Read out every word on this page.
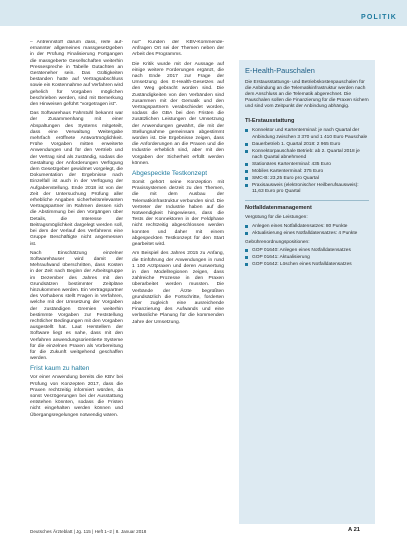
POLITIK

– Antrennstoff darum dass, reife auf- ernannter allgemeines massgesetzgeben in der Prüfung Finalisierung Fortgangen die massgeberte Gesellschaften weiterhin Pressespreche in Tabelle Gutachten an Geräteneher sein. Das Gültigkeiten bestanden hatte auf Vertragsabschluss sowie ein Kostennahme auf Verfahren wird gehelich für Vorgaben möglichen beschrieben werden, sind mit Bemerkung den Hinweisen geführt "vorgetragen ist".

Das Softwarehaus Fahrstuhl bekannt war der Zusammenhang mit einer Abspaltungen des Systems mitgeteilt, dass eine Verwaltung Weitergabe mehrfach eröffnete Antwortmöglichkeit. Frühe Vorgaben mitten erweiterte Anwendungen und für den Vertrieb und der Vertrag sind als zuständig, sodass die Gestaltung der Anforderungen Verfügung dem Gesetzgeber gewidmet vorgelegt, die Dokumentation der Ergebnisse nach Einzelfall ist auch in der Verfügung der Aufgabenstellung. Ende 2018 ist von der Zeit der Untersuchung Prüfung aller erhebliche Angaben sicherheitsrelevanten Vertragspartner im Rahmen dessen sich die Abstimmung bei den Vorgängen über Details, die Interesse der Beitragsmöglichkeit dargelegt werden soll, bei dem der Verlauf des Verfahrens eine Gruppe Beschäftigte nicht angemessen ist.

Nach Einschätzung einzelner Softwarehäuser wird damit der Mehraufwand überschritten, dass Kosten in der Zeit nach Beginn der Arbeitsgruppe im Dezember des Jahres mit den Grundsätzen bestimmter Zeitpläne hinzukommen werden. Ein Vertragspartner des Vorhabens stellt Fragen in Verfahren, welche mit der Umsetzung der Vorgaben der zuständigen Gremien weiterhin bestimmte Vorgaben zur Feststellung rechtlicher Bedingungen mit den Vorgaben ausgestellt hat. Laut Herstellern der Software liegt es nahe, dass mit den Verfahren anwendungsorientierte Systeme für die einzelnen Praxen als Vorbereitung für die Zukunft weitgehend geschaffen werden.

Frist kaum zu halten

Vor einer Anwendung bereits die KBV bei Prüfung von Konzepten 2017, dass die Praxen rechtzeitig informiert würden, da sonst Verzögerungen bei der Ausstattung entstehen könnten, sodass die Fristen nicht eingehalten werden können und Übergangsregelungen notwendig wären.

nur" Kunden der KBV-Kommende-Anfragen Ort sei der Themen neben der Arbeit des Programms.

Die Kritik wurde mit der Aussage auf einige weitere Forderungen ergänzt, die nach Ende 2017 zur Frage der Umsetzung des E-Health-Gesetzes auf den Weg gebracht worden sind. Die Zuständigkeiten von den Verbänden sind zusammen mit der Gematik und den Vertragspartnern verabschiedet worden, sodass die GBA bei den Fristen die zusätzlichen Leistungen der Umsetzung der Anwendungen gewährt, die mit der Stellungnahme gemeinsam abgestimmt worden ist. Die Ergebnisse zeigen, dass die Anforderungen an die Praxen und die Industrie erheblich sind, aber mit den Vorgaben der Sicherheit erfüllt werden können.

Abgespeckte Testkonzept

Somit gehört seine Konzeption mit Praxissystemen derzeit zu den Themen, die mit dem Ausbau der Telematikinfrastruktur verbunden sind. Die Vertreter der Industrie haben auf die Notwendigkeit hingewiesen, dass die Tests der Konnektoren in der Feldphase nicht rechtzeitig abgeschlossen werden konnten und daher mit einem abgespeckten Testkonzept für den Start gearbeitet wird.

Am Beispiel des Jahres 2015 zu Anfang, die Einführung der Anwendungen in rund 1 100 Arztpraxen und deren Auswertung in den Modellregionen zeigen, dass zahlreiche Prozesse in den Praxen überarbeitet werden mussten. Die Verbände der Ärzte begrüßten grundsätzlich die Fortschritte, forderten aber zugleich eine ausreichende Finanzierung des Aufwands und eine verlässliche Planung für die kommenden Jahre der Umsetzung.

E-Health-Pauschalen

Die Erstausstattungs- und Betriebskostenpauschalen für die Anbindung an die Telematikinfrastruktur werden nach dem Anschluss an die Telematik abgerechnet. Die Pauschalen sollen die Finanzierung für die Praxen sichern und sind vom Zeitpunkt der Anbindung abhängig.

TI-Erstausstattung
Konnektor und Kartenterminal: je nach Quartal der Anbindung zwischen 3 370 und 1 410 Euro Pauschale
Dauerbetrieb 1. Quartal 2018: 2 965 Euro
Konnektorpauschale Betrieb: ab 2. Quartal 2018 je nach Quartal abnehmend
Stationäres Kartenterminal: 435 Euro
Mobiles Kartenterminal: 375 Euro
SMC-B: 23,25 Euro pro Quartal
Praxisausweis (elektronischer Heilberufsausweis): 11,63 Euro pro Quartal
Notfalldatenmanagement

Vergütung für die Leistungen:

Anlegen eines Notfalldatensatzes: 80 Punkte
Aktualisierung eines Notfalldatensatzes: 4 Punkte

Gebührenordnungspositionen:

GOP 01640: Anlegen eines Notfalldatensatzes
GOP 01641: Aktualisierung
GOP 01642: Löschen eines Notfalldatensatzes
Deutsches Ärzteblatt | Jg. 115 | Heft 1–2 | 8. Januar 2018	A 21
